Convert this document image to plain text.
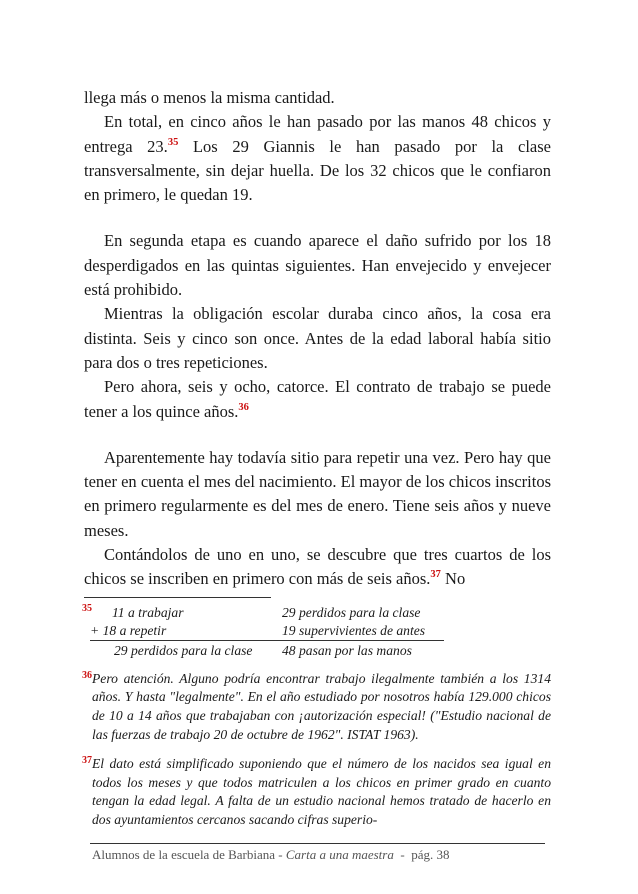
llega más o menos la misma cantidad.

En total, en cinco años le han pasado por las manos 48 chicos y entrega 23.35 Los 29 Giannis le han pasado por la clase transversalmente, sin dejar huella. De los 32 chicos que le confiaron en primero, le quedan 19.

En segunda etapa es cuando aparece el daño sufrido por los 18 desperdigados en las quintas siguientes. Han envejecido y envejecer está prohibido.

Mientras la obligación escolar duraba cinco años, la cosa era distinta. Seis y cinco son once. Antes de la edad laboral había sitio para dos o tres repeticiones.

Pero ahora, seis y ocho, catorce. El contrato de trabajo se puede tener a los quince años.$^{36}$

Aparentemente hay todavía sitio para repetir una vez. Pero hay que tener en cuenta el mes del nacimiento. El mayor de los chicos inscritos en primero regularmente es del mes de enero. Tiene seis años y nueve meses.

Contándolos de uno en uno, se descubre que tres cuartos de los chicos se inscriben en primero con más de seis años.$^{37}$ No

35 11 a trabajar	29 perdidos para la clase
+ 18 a repetir	19 supervivientes de antes
29 perdidos para la clase 48 pasan por las manos
36 Pero atención. Alguno podría encontrar trabajo ilegalmente también a los 1314 años. Y hasta "legalmente". En el año estudiado por nosotros había 129.000 chicos de 10 a 14 años que trabajaban con ¡autorización especial! ("Estudio nacional de las fuerzas de trabajo 20 de octubre de 1962". ISTAT 1963).
37 El dato está simplificado suponiendo que el número de los nacidos sea igual en todos los meses y que todos matriculen a los chicos en primer grado en cuanto tengan la edad legal. A falta de un estudio nacional hemos tratado de hacerlo en dos ayuntamientos cercanos sacando cifras superio-
Alumnos de la escuela de Barbiana - Carta a una maestra  -  pág. 38
